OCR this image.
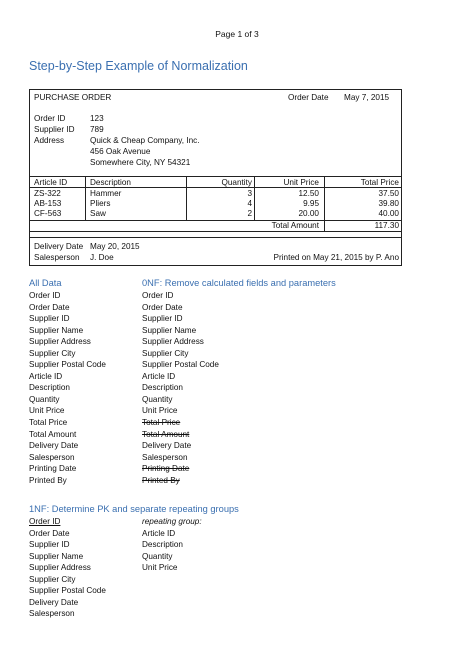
Page 1 of 3
Step-by-Step Example of Normalization
PURCHASE ORDER	Order Date May 7, 2015
Order ID	123
Supplier ID 789
Address	Quick & Cheap Company, Inc.
456 Oak Avenue
Somewhere City, NY 54321
Article ID	Description	Quantity	Unit Price	Total Price
ZS-322	Hammer	3	12.50	37.50
AB-153	Pliers	4	9.95	39.80
CF-563	Saw	2	20.00	40.00
Total Amount	117.30
Delivery Date May 20, 2015
Salesperson J. Doe	Printed on May 21, 2015 by P. Ano
All Data
Order ID
Order Date
Supplier ID
Supplier Name
Supplier Address
Supplier City
Supplier Postal Code
Article ID
Description
Quantity
Unit Price
Total Price
Total Amount
Delivery Date
Salesperson
Printing Date
Printed By
0NF: Remove calculated fields and parameters
Order ID
Order Date
Supplier ID
Supplier Name
Supplier Address
Supplier City
Supplier Postal Code
Article ID
Description
Quantity
Unit Price
Total Price
Total Amount
Delivery Date
Salesperson
Printing Date
Printed By
1NF: Determine PK and separate repeating groups
Order ID
Order Date
Supplier ID
Supplier Name
Supplier Address
Supplier City
Supplier Postal Code
Delivery Date
Salesperson
repeating group:
Article ID
Description
Quantity
Unit Price
